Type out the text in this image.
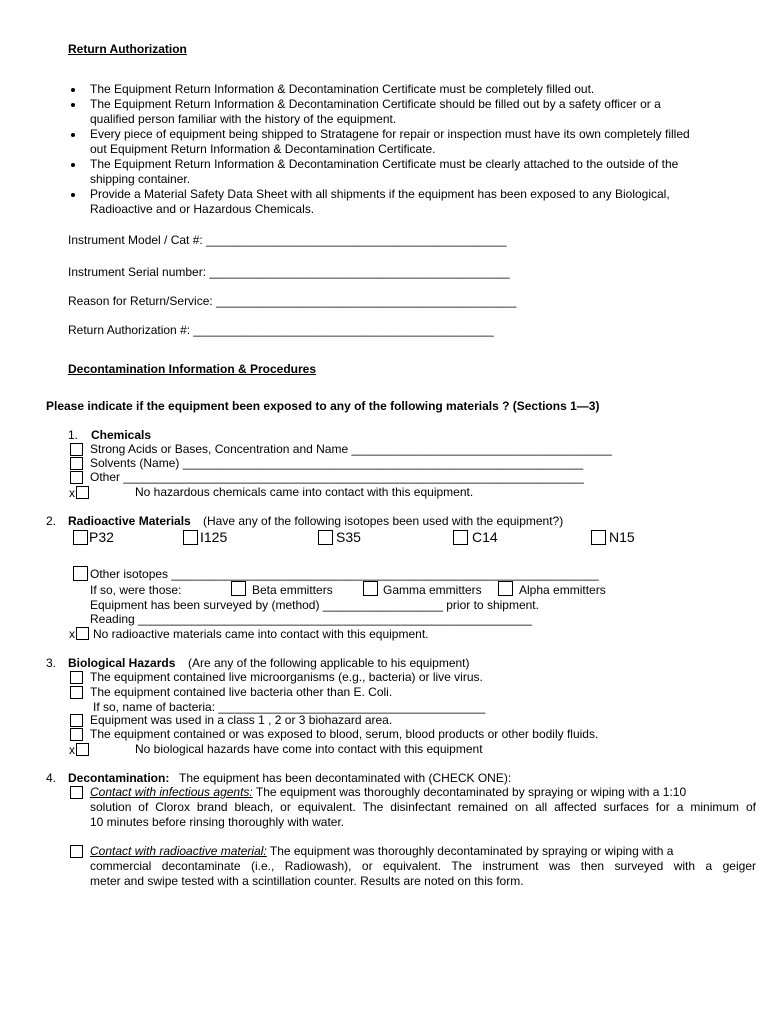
Return Authorization
The Equipment Return Information & Decontamination Certificate must be completely filled out.
The Equipment Return Information & Decontamination Certificate should be filled out by a safety officer or a
qualified person familiar with the history of the equipment.
Every piece of equipment being shipped to Stratagene for repair or inspection must have its own completely filled
out Equipment Return Information & Decontamination Certificate.
The Equipment Return Information & Decontamination Certificate must be clearly attached to the outside of the
shipping container.
Provide a Material Safety Data Sheet with all shipments if the equipment has been exposed to any Biological,
Radioactive and or Hazardous Chemicals.
Instrument Model / Cat #: _____________________________________________
Instrument Serial number: _____________________________________________
Reason for Return/Service: _____________________________________________
Return Authorization #: _____________________________________________
Decontamination Information & Procedures
Please indicate if the equipment been exposed to any of the following materials ? (Sections 1—3)
1. Chemicals
Strong Acids or Bases, Concentration and Name _______________________________________
Solvents (Name) ____________________________________________________________
Other _____________________________________________________________________
x	No hazardous chemicals came into contact with this equipment.
2. Radioactive Materials (Have any of the following isotopes been used with the equipment?)
P32	I125	S35	C14	N15
Other isotopes ________________________________________________________________
If so, were those:	Beta emmitters	Gamma emmitters	Alpha emmitters
Equipment has been surveyed by (method) __________________ prior to shipment.
Reading ___________________________________________________________
x No radioactive materials came into contact with this equipment.
3. Biological Hazards (Are any of the following applicable to his equipment)
The equipment contained live microorganisms (e.g., bacteria) or live virus.
The equipment contained live bacteria other than E. Coli.
If so, name of bacteria: ________________________________________
Equipment was used in a class 1 , 2 or 3 biohazard area.
The equipment contained or was exposed to blood, serum, blood products or other bodily fluids.
x	No biological hazards have come into contact with this equipment
4. Decontamination: The equipment has been decontaminated with (CHECK ONE):
Contact with infectious agents: The equipment was thoroughly decontaminated by spraying or wiping with a 1:10
solution of Clorox brand bleach, or equivalent. The disinfectant remained on all affected surfaces for a minimum of
10 minutes before rinsing thoroughly with water.
Contact with radioactive material: The equipment was thoroughly decontaminated by spraying or wiping with a
commercial decontaminate (i.e., Radiowash), or equivalent. The instrument was then surveyed with a geiger
meter and swipe tested with a scintillation counter. Results are noted on this form.
